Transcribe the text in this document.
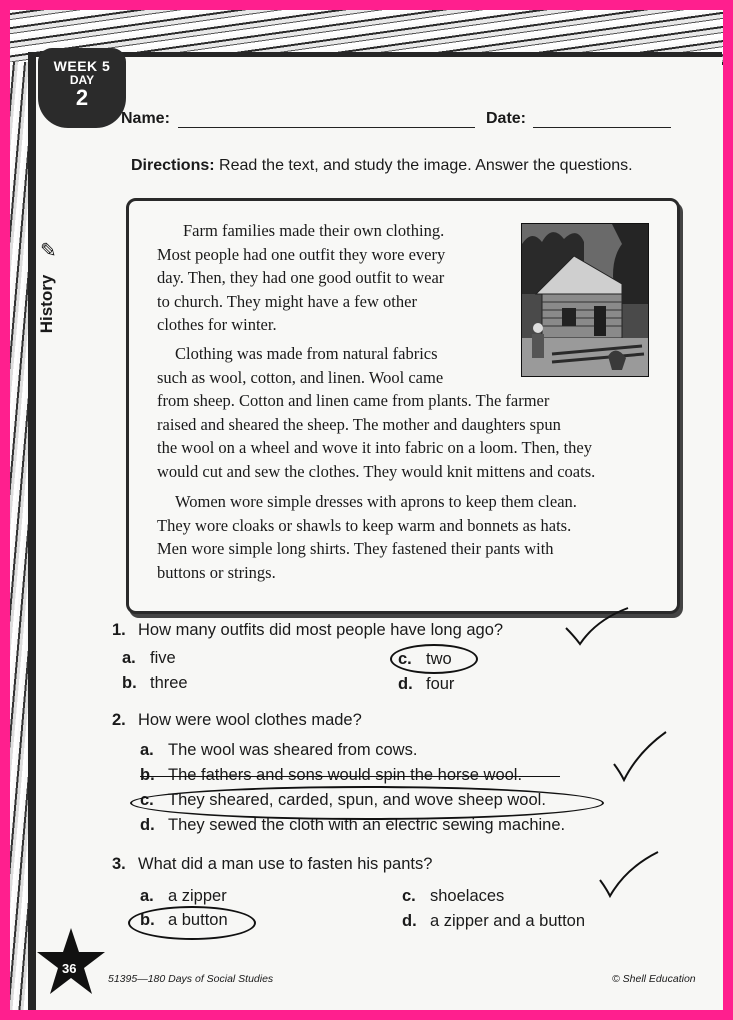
WEEK 5
DAY
2
✎
History
Name:	Date:
Directions: Read the text, and study the image. Answer the questions.

Farm families made their own clothing.
Most people had one outfit they wore every
day. Then, they had one good outfit to wear
to church. They might have a few other
clothes for winter.

Clothing was made from natural fabrics
such as wool, cotton, and linen. Wool came
from sheep. Cotton and linen came from plants. The farmer
raised and sheared the sheep. The mother and daughters spun
the wool on a wheel and wove it into fabric on a loom. Then, they
would cut and sew the clothes. They would knit mittens and coats.

Women wore simple dresses with aprons to keep them clean.
They wore cloaks or shawls to keep warm and bonnets as hats.
Men wore simple long shirts. They fastened their pants with
buttons or strings.

1. How many outfits did most people have long ago?
a. five	c. two
b. three	d. four
2. How were wool clothes made?
a. The wool was sheared from cows.
b. The fathers and sons would spin the horse wool.
c. They sheared, carded, spun, and wove sheep wool.
d. They sewed the cloth with an electric sewing machine.
3. What did a man use to fasten his pants?
a. a zipper	c. shoelaces
b. a button	d. a zipper and a button
36
51395—180 Days of Social Studies	© Shell Education
